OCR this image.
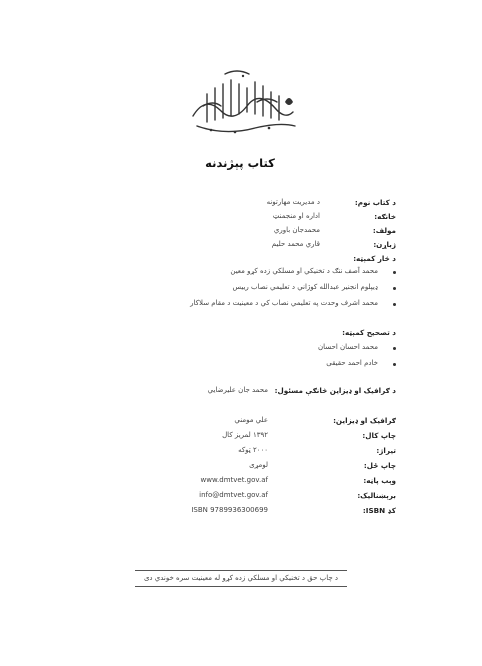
کتاب پېژندنه
د کتاب نوم:
د مدیریت مهارتونه
خانګه:
اداره او منجمنټ
مولف:
محمدجان باوري
ژباړن:
قاري محمد حلیم
د څار کمېټه:
محمد آصف ننګ د تخنیکي او مسلکي زده کړو معین
ډیپلوم انجنیر عبدالله کوژاني د تعلیمي نصاب رییس
محمد اشرف وحدت په تعلیمي نصاب کي د معینیت د مقام سلاکار
د تصحیح کمېټه:
محمد احسان احسان
خادم احمد حقیقی
د ګرافیک او ډیزاین څانګې مسئول:
محمد جان علیرضايي
ګرافیک او ډیزاین:
علي مومني
چاپ کال:
۱۳۹۲ لمریز کال
تیراژ:
۲۰۰۰ ټوکه
چاپ ځل:
لومړی
وېب پاڼه:
www.dmtvet.gov.af
برېښنالیک:
info@dmtvet.gov.af
کډ ISBN:
ISBN 9789936300699
د چاپ حق د تخنيکي او مسلکي زده کړو له معينيت سره خوندي دی
